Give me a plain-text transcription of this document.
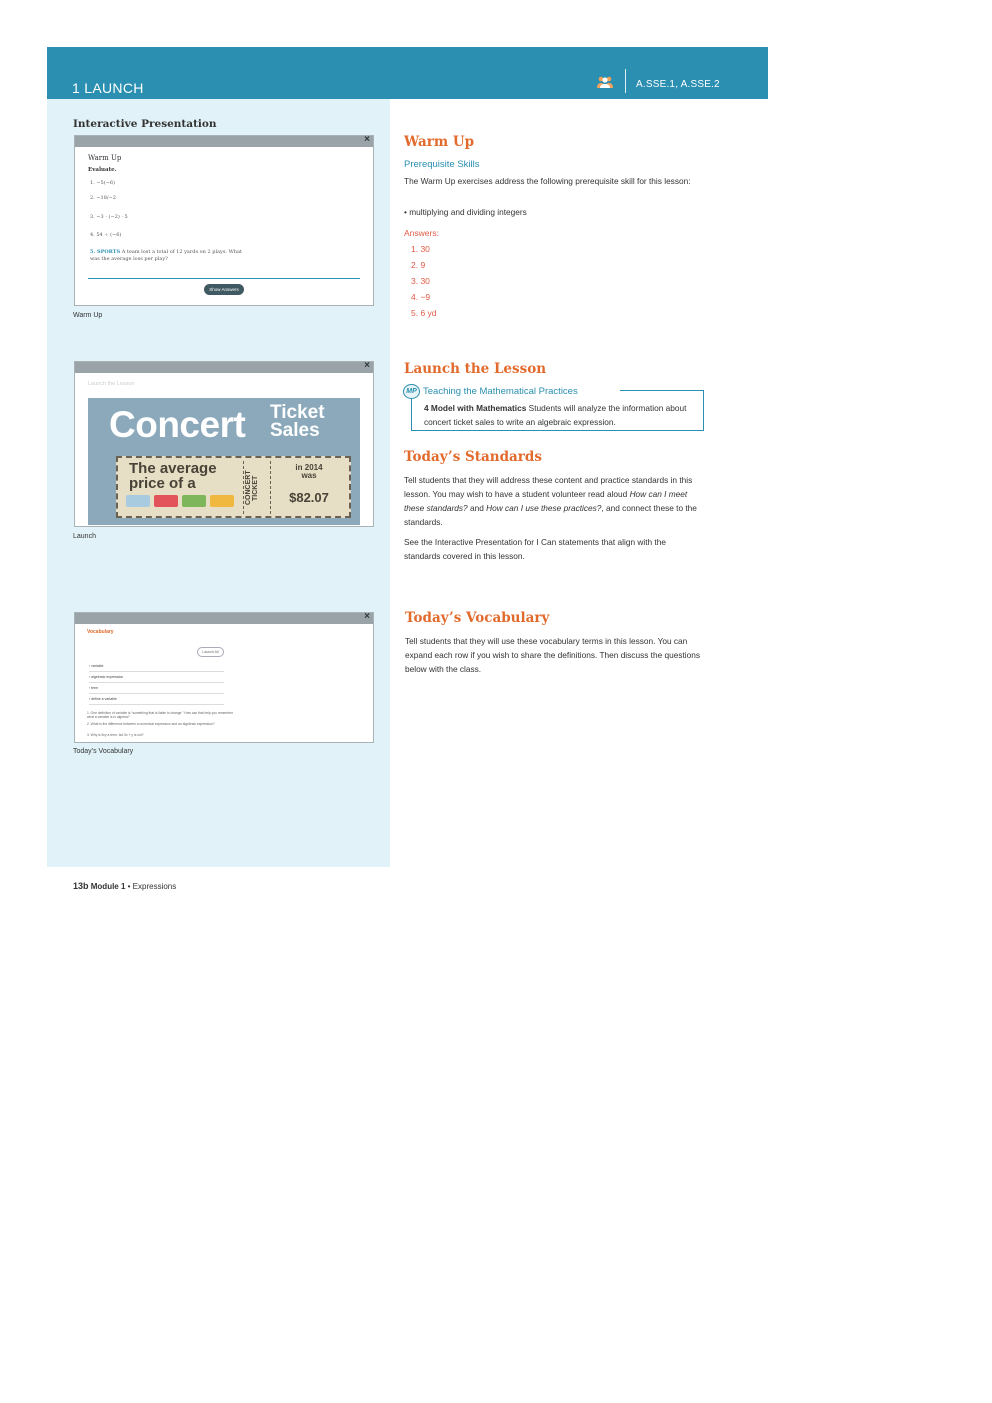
1 LAUNCH	A.SSE.1, A.SSE.2
Interactive Presentation
×
Warm Up
Evaluate.
1. −5(−6)
2. −18/−2
3. −3 · (−2) · 5
4. 54 ÷ (−6)
5. SPORTS A team lost a total of 12 yards on 2 plays. What was the average loss per play?
Show Answers
Warm Up
×
Launch the Lesson
Concert Ticket
Sales
The average
price of a	CONCERT TICKET
in 2014
was
$82.07
Launch
×
Vocabulary
Launch All
› variable
› algebraic expression
› term
› define a variable
1. One definition of variable is “something that is liable to change.” How can that help you remember what a variable is in algebra?
2. What is the difference between a numerical expression and an algebraic expression?
3. Why is 5xy a term, but 5x + y is not?
Today’s Vocabulary
Warm Up
Prerequisite Skills
The Warm Up exercises address the following prerequisite skill for this lesson:
• multiplying and dividing integers
Answers:
1. 30
2. 9
3. 30
4. −9
5. 6 yd
Launch the Lesson
MP Teaching the Mathematical Practices
4 Model with Mathematics Students will analyze the information about concert ticket sales to write an algebraic expression.
Today’s Standards
Tell students that they will address these content and practice standards in this lesson. You may wish to have a student volunteer read aloud How can I meet these standards? and How can I use these practices?, and connect these to the standards.
See the Interactive Presentation for I Can statements that align with the standards covered in this lesson.
Today’s Vocabulary
Tell students that they will use these vocabulary terms in this lesson. You can expand each row if you wish to share the definitions. Then discuss the questions below with the class.
13b Module 1 • Expressions
